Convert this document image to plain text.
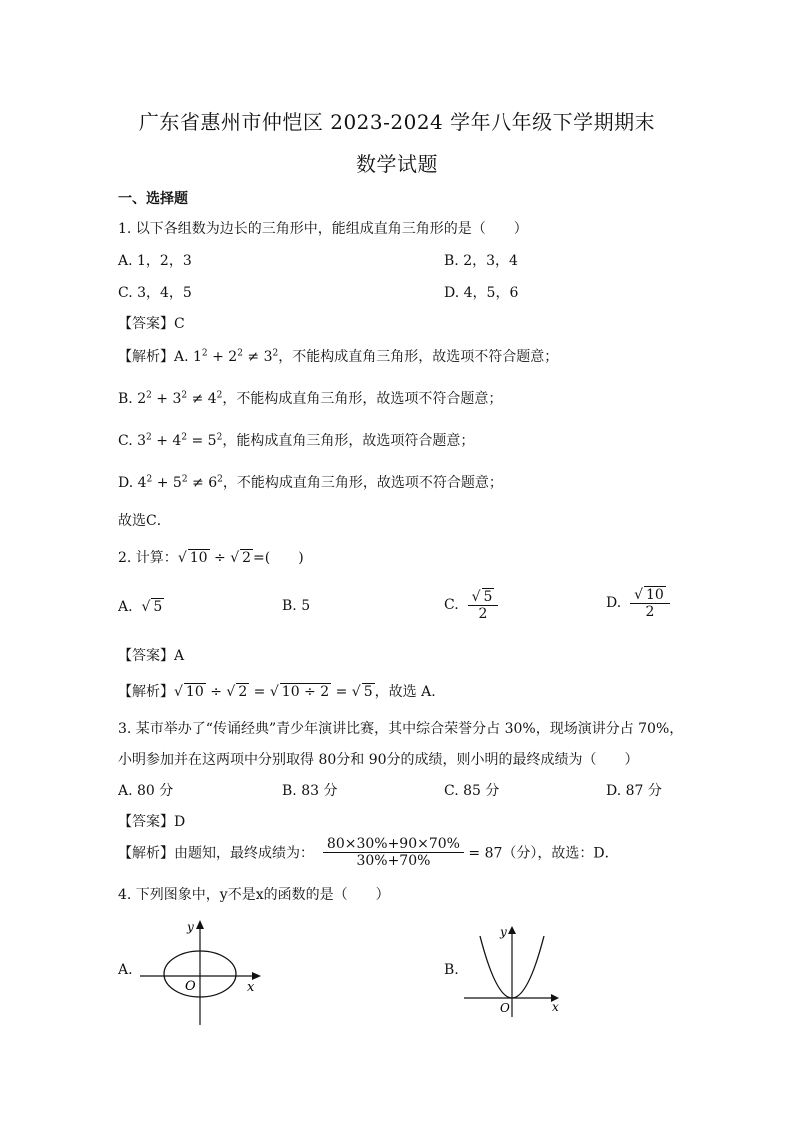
广东省惠州市仲恺区 2023-2024 学年八年级下学期期末
数学试题
一、选择题
1. 以下各组数为边长的三角形中，能组成直角三角形的是（　　）
A. 1，2，3	B. 2，3，4
C. 3，4，5	D. 4，5，6
【答案】C
【解析】A. $1^2 + 2^2 \ne 3^2$，不能构成直角三角形，故选项不符合题意；
B. $2^2 + 3^2 \ne 4^2$，不能构成直角三角形，故选项不符合题意；
C. $3^2 + 4^2 = 5^2$，能构成直角三角形，故选项符合题意；
D. $4^2 + 5^2 \ne 6^2$，不能构成直角三角形，故选项不符合题意；
故选C．
2. 计算：√ 10 ÷ √ 2 =(　　)
A.  √ 5	B. 5	C. $\frac{√ 5}{2}$	D. $\frac{√ 10}{2}$
【答案】A
【解析】√ 10 ÷ √ 2 = √ 10 ÷ 2 = √ 5 ，故选 A.
3. 某市举办了“传诵经典”青少年演讲比赛，其中综合荣誉分占 30%，现场演讲分占 70%，
小明参加并在这两项中分别取得 80分和 90分的成绩，则小明的最终成绩为（　　）
A. 80 分	B. 83 分	C. 85 分	D. 87 分
【答案】D
【解析】由题知，最终成绩为： $\frac{80\times 30\%+90\times 70\%}{30\%+70\%} = 87$（分），故选：D．
4. 下列图象中，y不是x的函数的是（　　）
A.
y
x
O
B.
y
x
O
